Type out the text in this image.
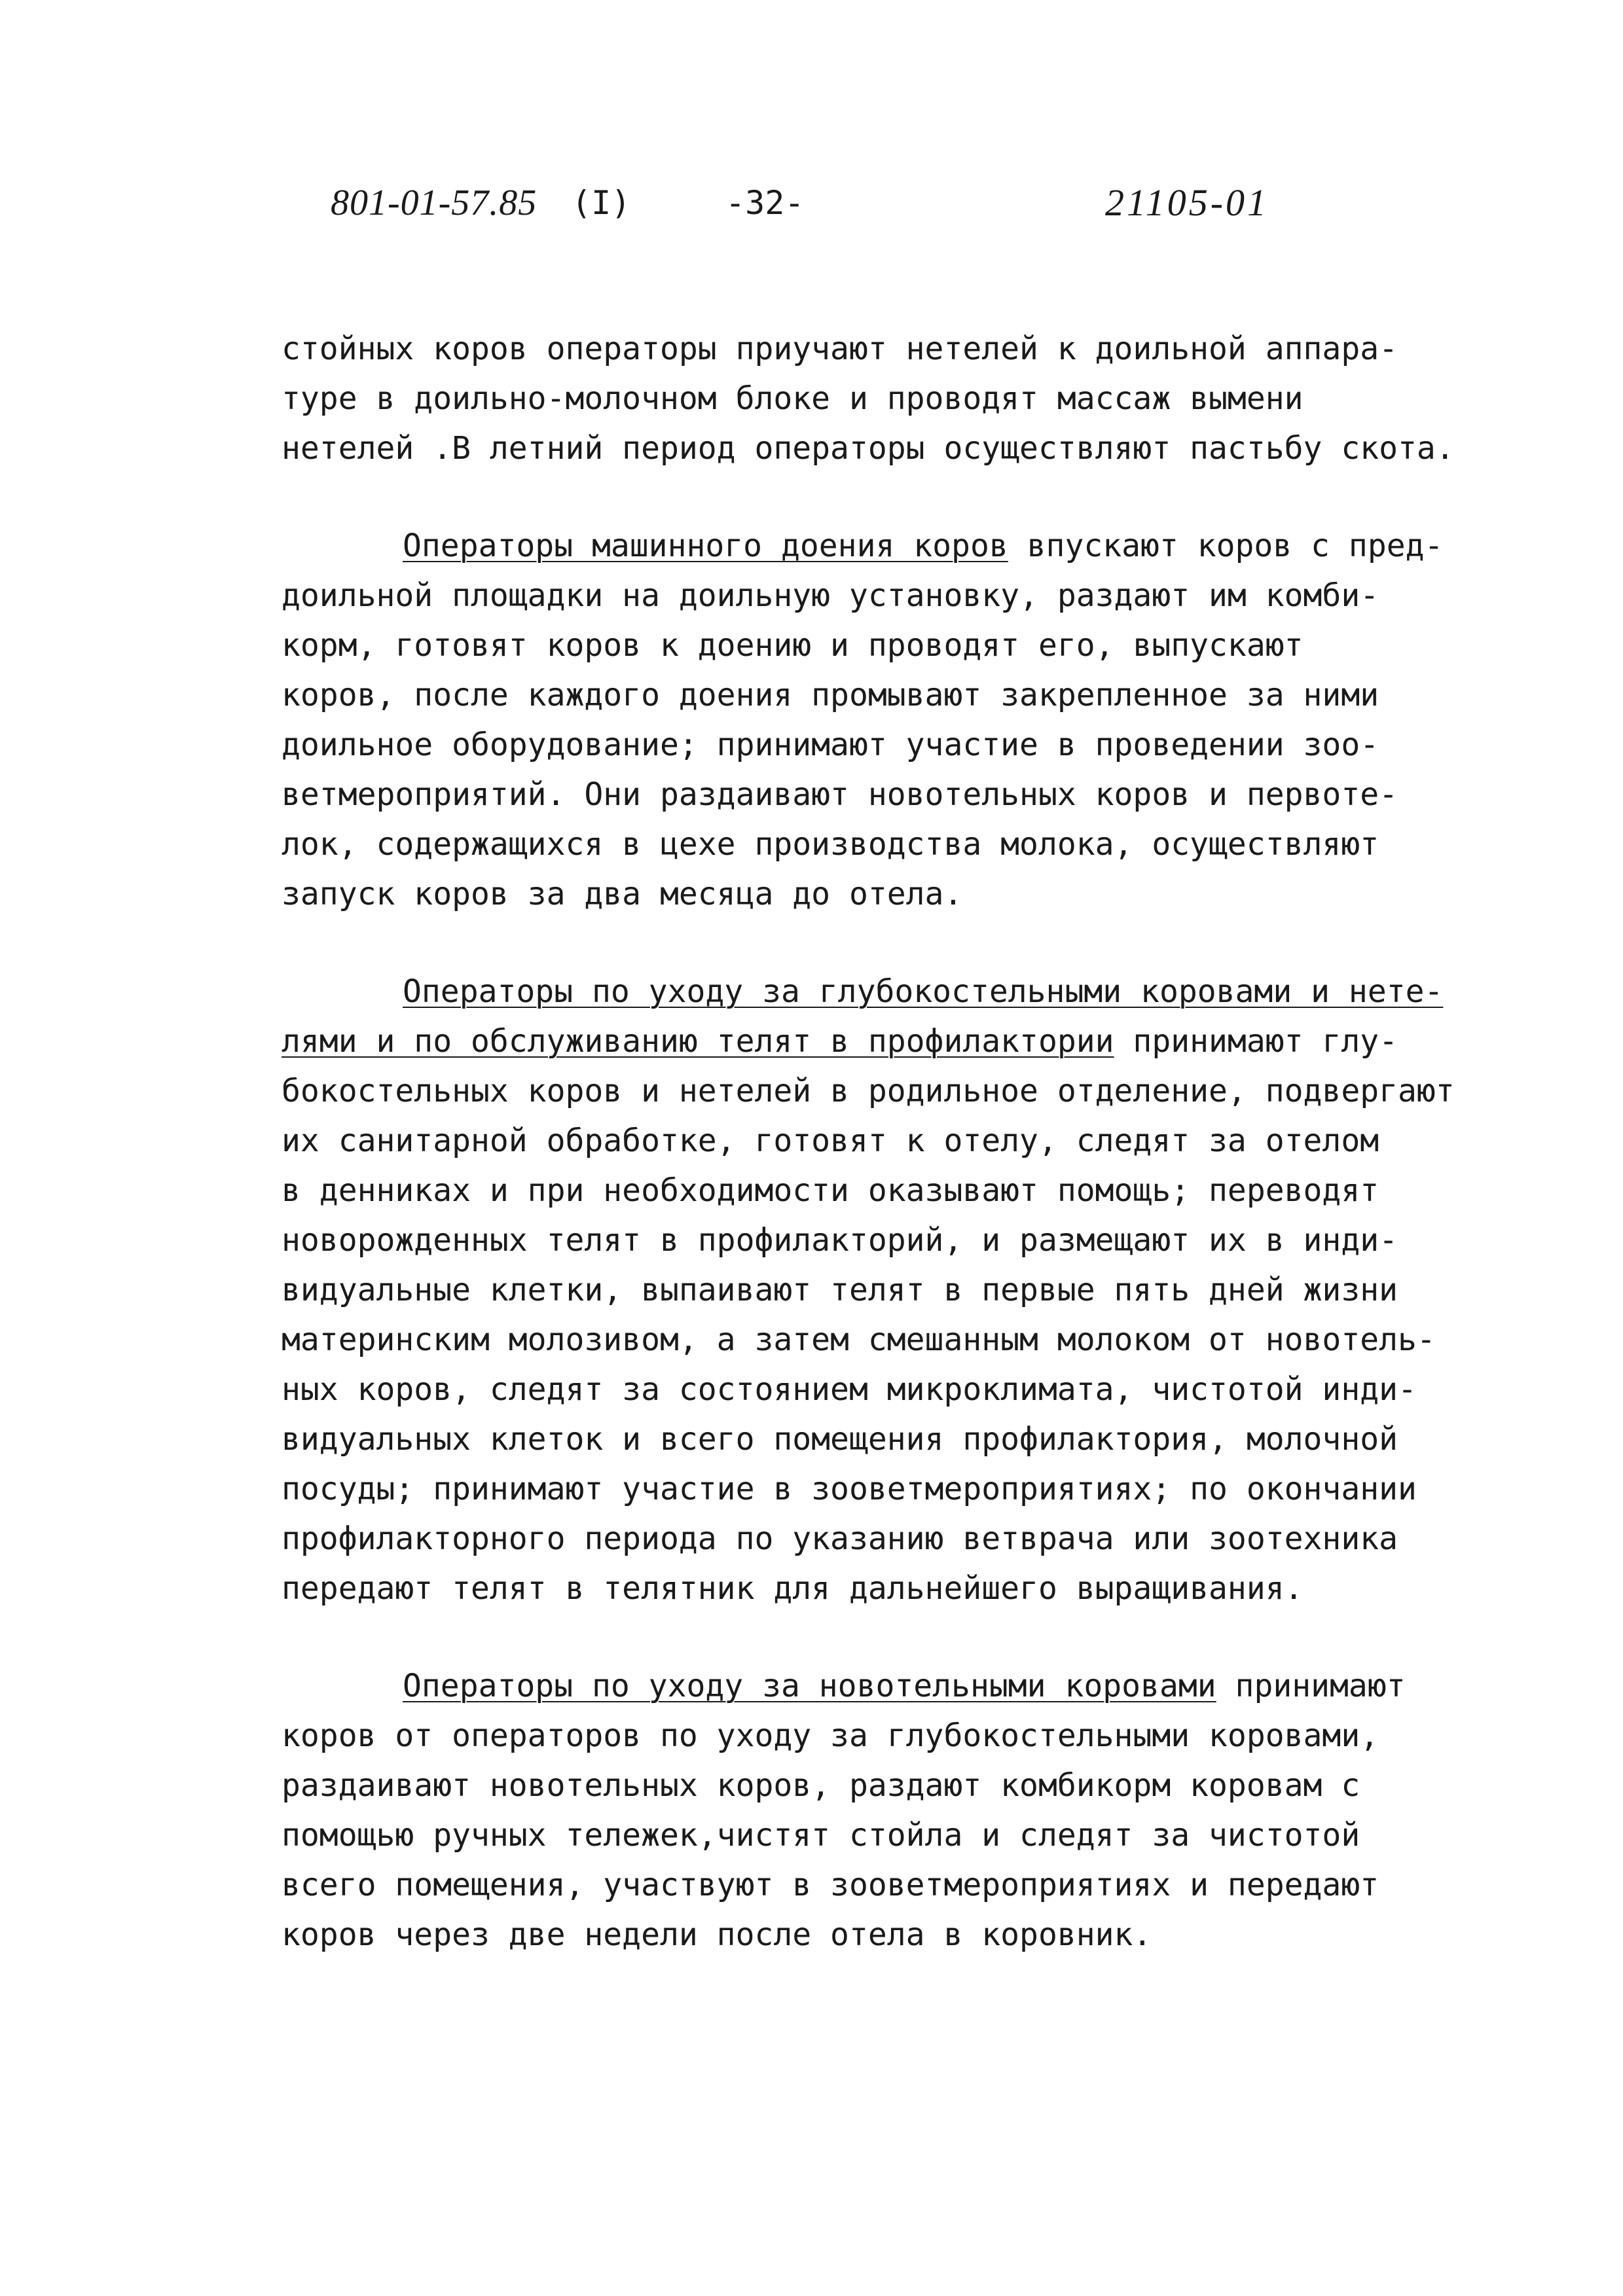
801-01-57.85 (I)	-32-	21105-01

стойных коров операторы приучают нетелей к доильной аппара-
туре в доильно-молочном блоке и проводят массаж вымени
нетелей .В летний период операторы осуществляют пастьбу скота.

Операторы машинного доения коров впускают коров с пред-
доильной площадки на доильную установку, раздают им комби-
корм, готовят коров к доению и проводят его, выпускают
коров, после каждого доения промывают закрепленное за ними
доильное оборудование; принимают участие в проведении зоо-
ветмероприятий. Они раздаивают новотельных коров и первоте-
лок, содержащихся в цехе производства молока, осуществляют
запуск коров за два месяца до отела.

Операторы по уходу за глубокостельными коровами и нете-
лями и по обслуживанию телят в профилактории принимают глу-
бокостельных коров и нетелей в родильное отделение, подвергают
их санитарной обработке, готовят к отелу, следят за отелом
в денниках и при необходимости оказывают помощь; переводят
новорожденных телят в профилакторий, и размещают их в инди-
видуальные клетки, выпаивают телят в первые пять дней жизни
материнским молозивом, а затем смешанным молоком от новотель-
ных коров, следят за состоянием микроклимата, чистотой инди-
видуальных клеток и всего помещения профилактория, молочной
посуды; принимают участие в зооветмероприятиях; по окончании
профилакторного периода по указанию ветврача или зоотехника
передают телят в телятник для дальнейшего выращивания.

Операторы по уходу за новотельными коровами принимают
коров от операторов по уходу за глубокостельными коровами,
раздаивают новотельных коров, раздают комбикорм коровам с
помощью ручных тележек,чистят стойла и следят за чистотой
всего помещения, участвуют в зооветмероприятиях и передают
коров через две недели после отела в коровник.
